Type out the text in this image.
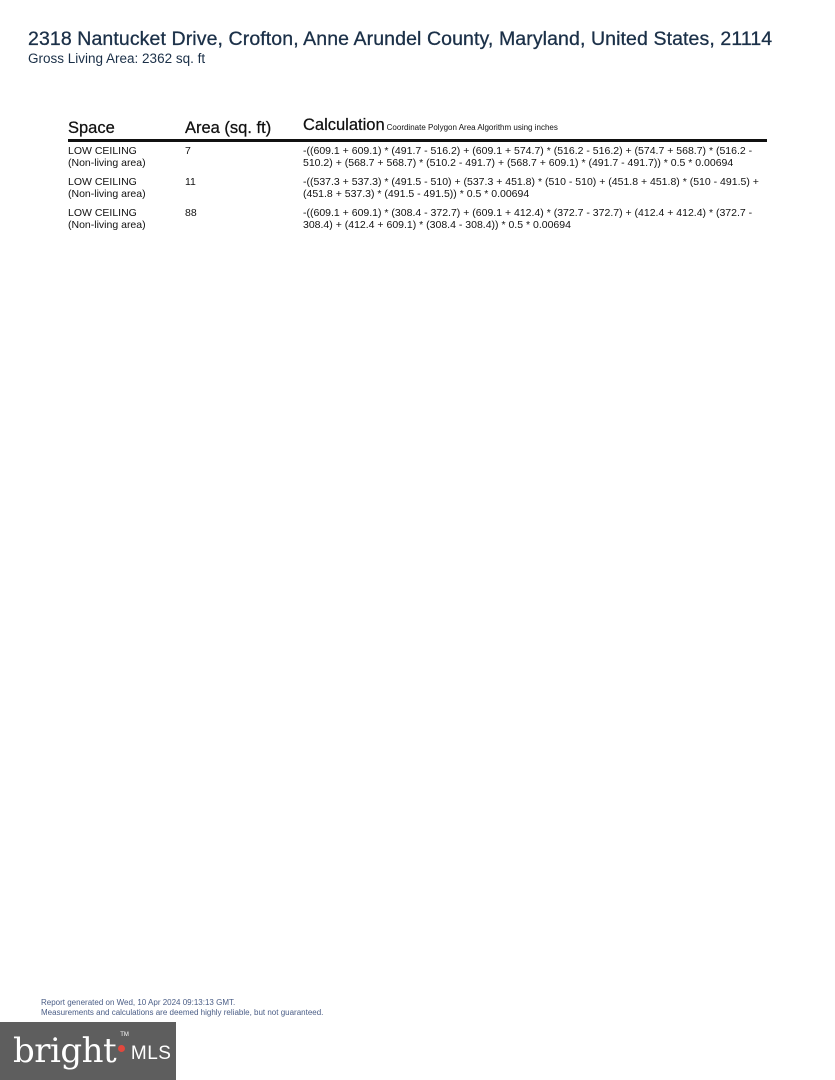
2318 Nantucket Drive, Crofton, Anne Arundel County, Maryland, United States, 21114
Gross Living Area: 2362 sq. ft
Space	Area (sq. ft)	Calculation Coordinate Polygon Area Algorithm using inches
LOW CEILING
(Non-living area)
7	-((609.1 + 609.1) * (491.7 - 516.2) + (609.1 + 574.7) * (516.2 - 516.2) + (574.7 + 568.7) * (516.2 - 510.2) + (568.7 + 568.7) * (510.2 - 491.7) + (568.7 + 609.1) * (491.7 - 491.7)) * 0.5 * 0.00694
LOW CEILING
(Non-living area)
11	-((537.3 + 537.3) * (491.5 - 510) + (537.3 + 451.8) * (510 - 510) + (451.8 + 451.8) * (510 - 491.5) + (451.8 + 537.3) * (491.5 - 491.5)) * 0.5 * 0.00694
LOW CEILING
(Non-living area)
88	-((609.1 + 609.1) * (308.4 - 372.7) + (609.1 + 412.4) * (372.7 - 372.7) + (412.4 + 412.4) * (372.7 - 308.4) + (412.4 + 609.1) * (308.4 - 308.4)) * 0.5 * 0.00694
Report generated on Wed, 10 Apr 2024 09:13:13 GMT.
Measurements and calculations are deemed highly reliable, but not guaranteed.
bright TM
MLS
